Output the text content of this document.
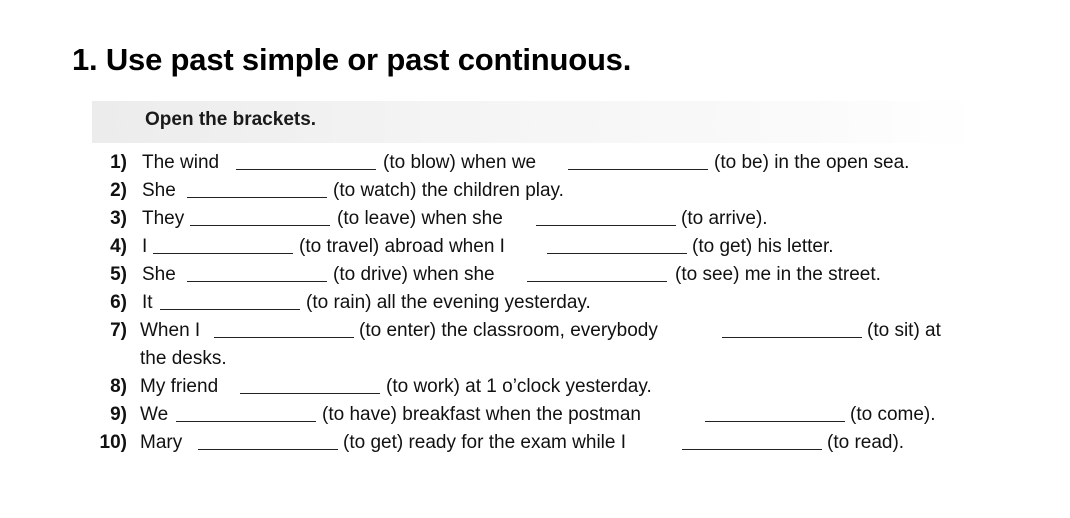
1. Use past simple or past continuous.
Open the brackets.
1) The wind	(to blow) when we	(to be) in the open sea.
2) She	(to watch) the children play.
3) They	(to leave) when she	(to arrive).
4) I	(to travel) abroad when I	(to get) his letter.
5) She	(to drive) when she	(to see) me in the street.
6) It	(to rain) all the evening yesterday.
7) When I	(to enter) the classroom, everybody	(to sit) at
the desks.
8) My friend	(to work) at 1 o’clock yesterday.
9) We	(to have) breakfast when the postman	(to come).
10) Mary	(to get) ready for the exam while I	(to read).
